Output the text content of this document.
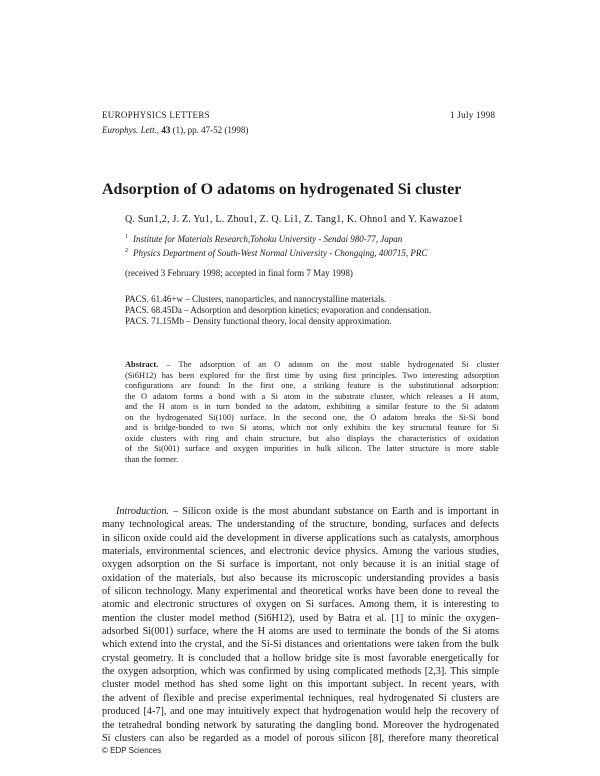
EUROPHYSICS LETTERS	1 July 1998
Europhys. Lett., 43 (1), pp. 47-52 (1998)
Adsorption of O adatoms on hydrogenated Si cluster
Q. Sun1,2, J. Z. Yu1, L. Zhou1, Z. Q. Li1, Z. Tang1, K. Ohno1 and Y. Kawazoe1
$^1$ Institute for Materials Research,Tohoku University - Sendai 980-77, Japan
$^2$ Physics Department of South-West Normal University - Chongqing, 400715, PRC
(received 3 February 1998; accepted in final form 7 May 1998)
PACS. 61.46+w – Clusters, nanoparticles, and nanocrystalline materials.
PACS. 68.45Da – Adsorption and desorption kinetics; evaporation and condensation.
PACS. 71.15Mb – Density functional theory, local density approximation.
Abstract. – The adsorption of an O adatom on the most stable hydrogenated Si cluster
(Si6H12) has been explored for the first time by using first principles. Two interesting adsorption
configurations are found: In the first one, a striking feature is the substitutional adsorption:
the O adatom forms a bond with a Si atom in the substrate cluster, which releases a H atom,
and the H atom is in turn bonded to the adatom, exhibiting a similar feature to the Si adatom
on the hydrogenated Si(100) surface. In the second one, the O adatom breaks the Si-Si bond
and is bridge-bonded to two Si atoms, which not only exhibits the key structural feature for Si
oxide clusters with ring and chain structure, but also displays the characteristics of oxidation
of the Si(001) surface and oxygen impurities in bulk silicon. The latter structure is more stable
than the former.
Introduction. – Silicon oxide is the most abundant substance on Earth and is important in
many technological areas. The understanding of the structure, bonding, surfaces and defects
in silicon oxide could aid the development in diverse applications such as catalysts, amorphous
materials, environmental sciences, and electronic device physics. Among the various studies,
oxygen adsorption on the Si surface is important, not only because it is an initial stage of
oxidation of the materials, but also because its microscopic understanding provides a basis
of silicon technology. Many experimental and theoretical works have been done to reveal the
atomic and electronic structures of oxygen on Si surfaces. Among them, it is interesting to
mention the cluster model method (Si6H12), used by Batra et al. [1] to minic the oxygen-
adsorbed Si(001) surface, where the H atoms are used to terminate the bonds of the Si atoms
which extend into the crystal, and the Si-Si distances and orientations were taken from the bulk
crystal geometry. It is concluded that a hollow bridge site is most favorable energetically for
the oxygen adsorption, which was confirmed by using complicated methods [2,3]. This simple
cluster model method has shed some light on this important subject. In recent years, with
the advent of flexible and precise experimental techniques, real hydrogenated Si clusters are
produced [4-7], and one may intuitively expect that hydrogenation would help the recovery of
the tetrahedral bonding network by saturating the dangling bond. Moreover the hydrogenated
Si clusters can also be regarded as a model of porous silicon [8], therefore many theoretical
© EDP Sciences
